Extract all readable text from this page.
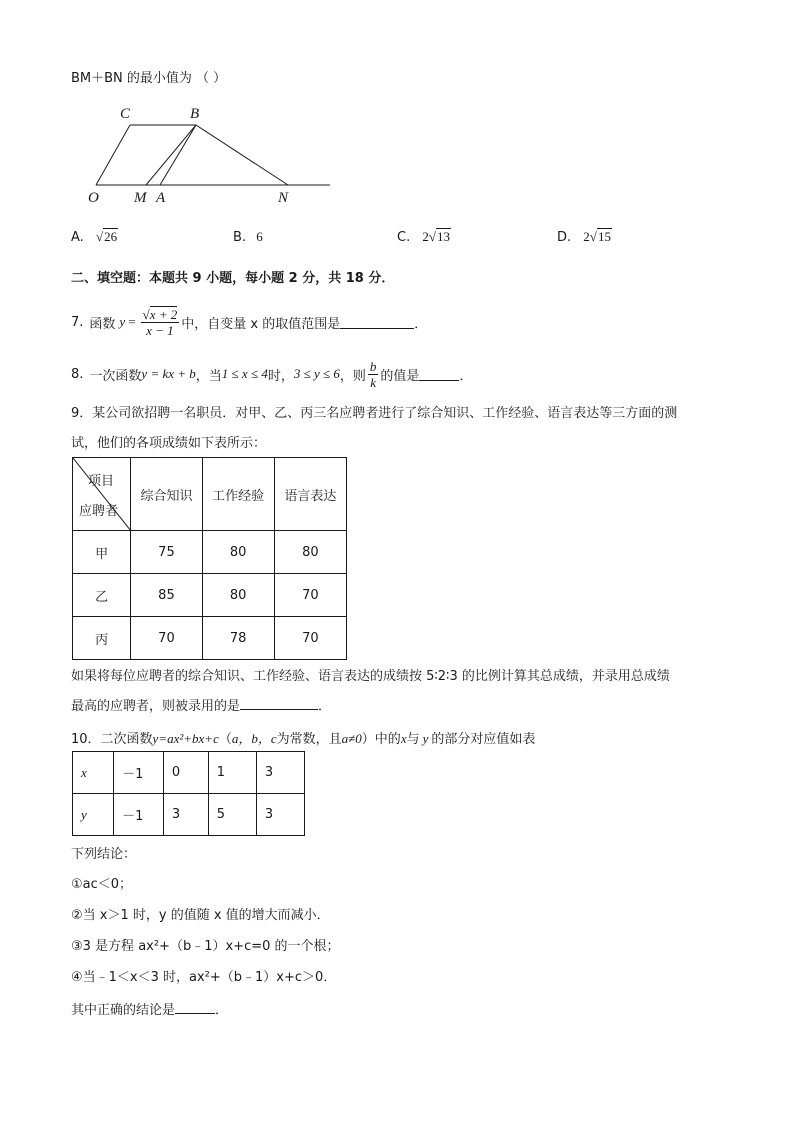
BM＋BN 的最小值为 （ ）
C	B
O M A	N
A. √26	B. 6	C. 2√13	D. 2√15
二、填空题：本题共 9 小题，每小题 2 分，共 18 分．
7. 函数 $y = \frac{√x + 2}{x - 1}$ 中，自变量 x 的取值范围是	．
8. 一次函数 y = kx + b ，当 1 ≤ x ≤ 4 时， 3 ≤ y ≤ 6 ，则 $\frac{b}{k}$ 的值是	．
9．某公司欲招聘一名职员．对甲、乙、丙三名应聘者进行了综合知识、工作经验、语言表达等三方面的测
试，他们的各项成绩如下表所示：
项目
应聘者	综合知识	工作经验	语言表达
甲	75	80	80
乙	85	80	70
丙	70	78	70
如果将每位应聘者的综合知识、工作经验、语言表达的成绩按 5∶2∶3 的比例计算其总成绩，并录用总成绩
最高的应聘者，则被录用的是	．
10．二次函数y=ax²+bx+c（a，b，c为常数，且a≠0）中的x与 y 的部分对应值如表
x	－1	0	1	3
y	－1	3	5	3
下列结论：
①ac＜0；
②当 x＞1 时，y 的值随 x 值的增大而减小．
③3 是方程 ax²+（b﹣1）x+c=0 的一个根；
④当﹣1＜x＜3 时，ax²+（b﹣1）x+c＞0．
其中正确的结论是	．
